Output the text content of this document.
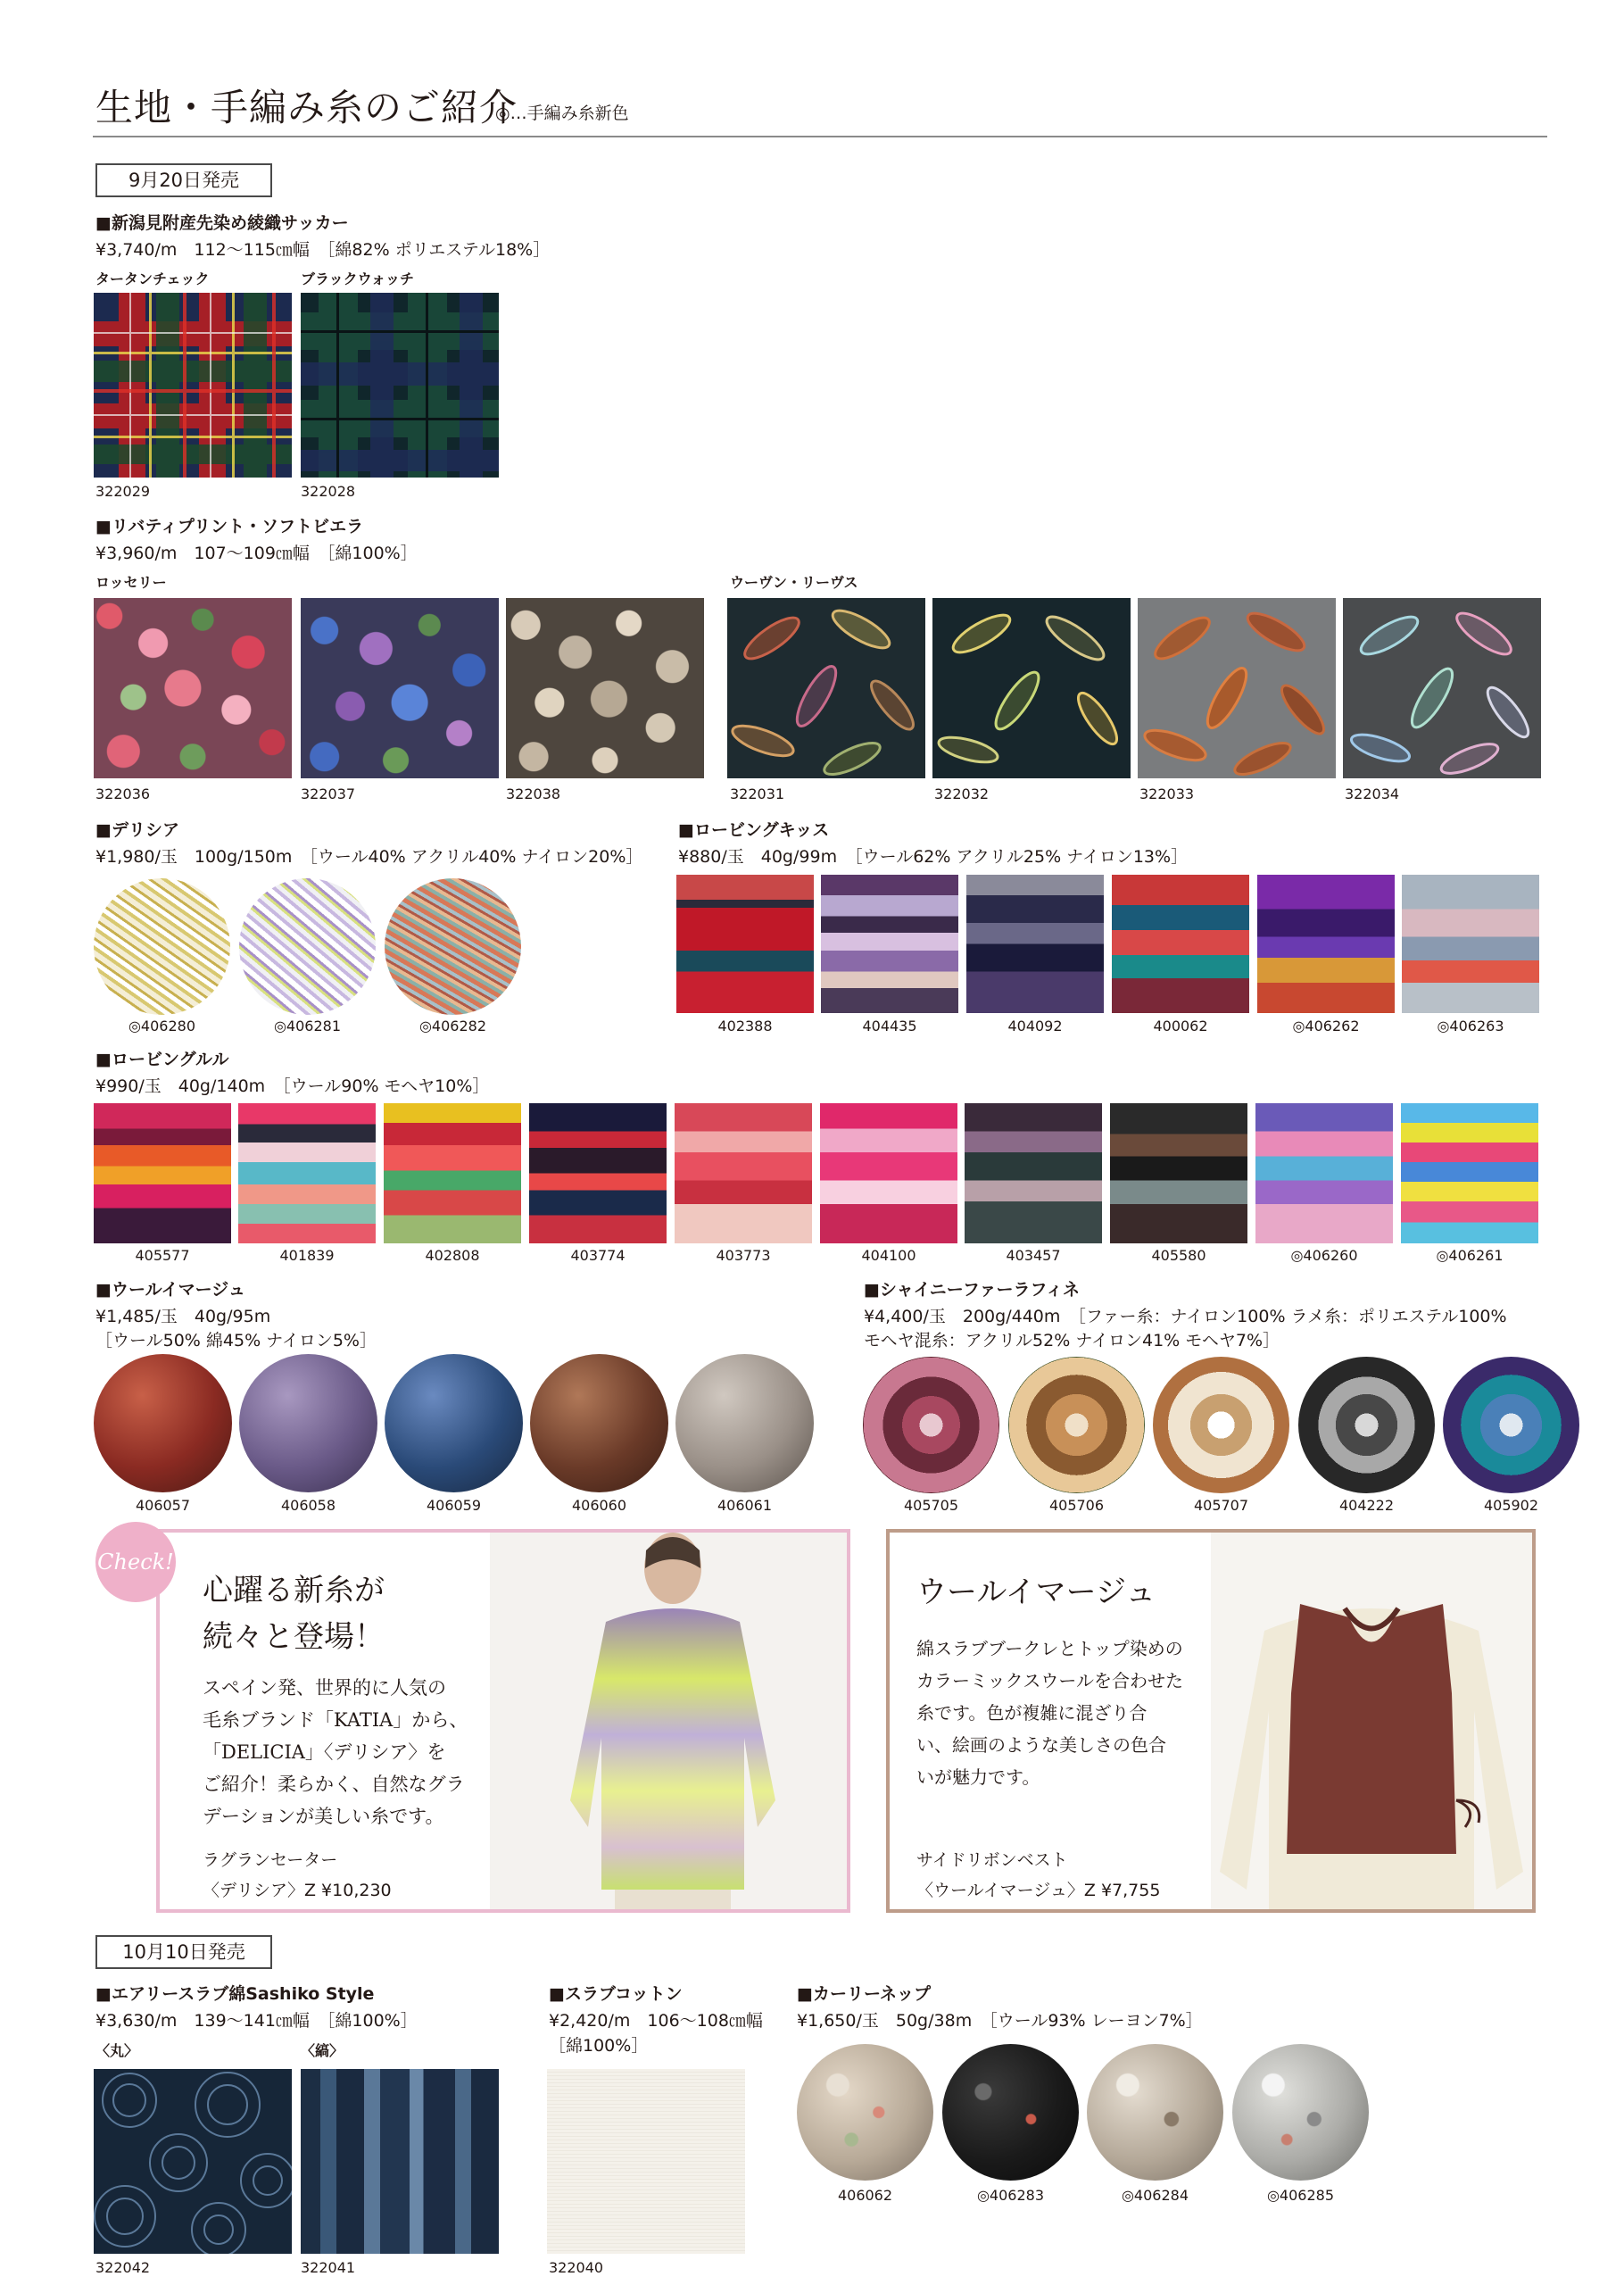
生地・手編み糸のご紹介
◎…手編み糸新色
9月20日発売
■新潟見附産先染め綾織サッカー
¥3,740/m　112～115㎝幅　［綿82% ポリエステル18%］
タータンチェック	ブラックウォッチ
322029	322028
■リバティプリント・ソフトビエラ
¥3,960/m　107～109㎝幅　［綿100%］
ロッセリー	ウーヴン・リーヴス
322036	322037	322038	322031	322032	322033	322034
■デリシア
¥1,980/玉　100g/150m　［ウール40% アクリル40% ナイロン20%］
◎406280	◎406281	◎406282
■ロービングキッス
¥880/玉　40g/99m　［ウール62% アクリル25% ナイロン13%］
402388	404435	404092	400062	◎406262	◎406263
■ロービングルル
¥990/玉　40g/140m　［ウール90% モヘヤ10%］
405577	401839	402808	403774	403773	404100	403457	405580	◎406260	◎406261
■ウールイマージュ
¥1,485/玉　40g/95m
［ウール50% 綿45% ナイロン5%］
406057	406058	406059	406060	406061
■シャイニーファーラフィネ
¥4,400/玉　200g/440m　［ファー糸：ナイロン100% ラメ糸：ポリエステル100%
モヘヤ混糸：アクリル52% ナイロン41% モヘヤ7%］
405705	405706	405707	404222	405902
心躍る新糸が
続々と登場！
スペイン発、世界的に人気の
毛糸ブランド「KATIA」から、
「DELICIA」〈デリシア〉を
ご紹介！柔らかく、自然なグラ
デーションが美しい糸です。
ラグランセーター
〈デリシア〉Z ¥10,230
Check!
ウールイマージュ
綿スラブブークレとトップ染めの
カラーミックスウールを合わせた
糸です。色が複雑に混ざり合
い、絵画のような美しさの色合
いが魅力です。
サイドリボンベスト
〈ウールイマージュ〉Z ¥7,755
10月10日発売
■エアリースラブ綿Sashiko Style
¥3,630/m　139～141㎝幅　［綿100%］
〈丸〉	〈縞〉
322042	322041
■スラブコットン
¥2,420/m　106～108㎝幅
［綿100%］
322040
■カーリーネップ
¥1,650/玉　50g/38m　［ウール93% レーヨン7%］
406062	◎406283	◎406284	◎406285
